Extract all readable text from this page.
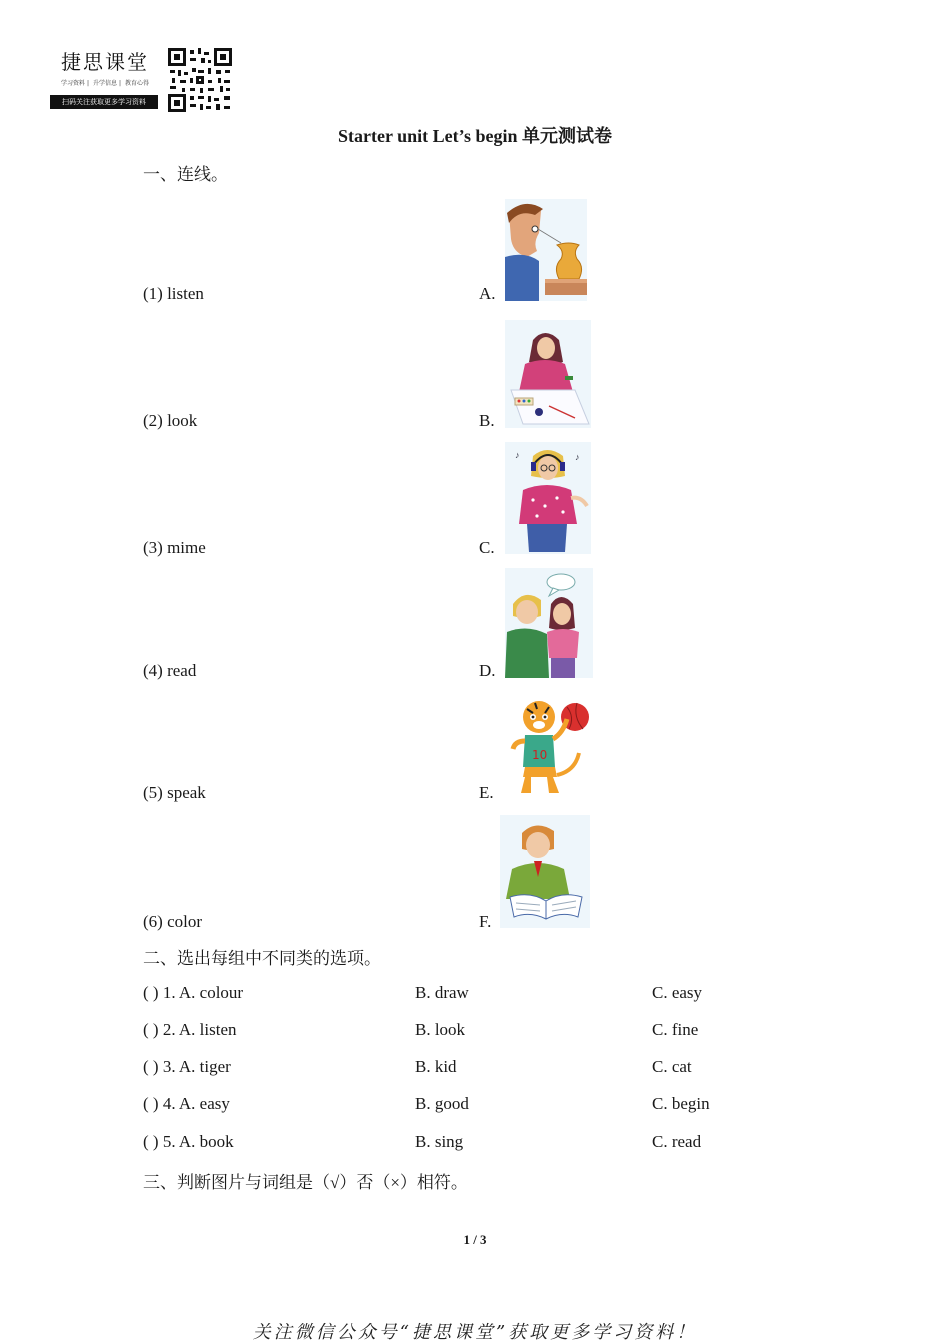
捷思课堂
学习资料 | 升学信息 | 教育心得
扫码关注获取更多学习资料
Starter unit Let’s begin 单元测试卷
一、连线。
(1) listen	A.
(2) look	B.
(3) mime	C.
♪	♪
(4) read	D.
(5) speak	E.
10
(6) color	F.
二、选出每组中不同类的选项。
( ) 1. A. colour	B. draw	C. easy
( ) 2. A. listen	B. look	C. fine
( ) 3. A. tiger	B. kid	C. cat
( ) 4. A. easy	B. good	C. begin
( ) 5. A. book	B. sing	C. read
三、判断图片与词组是（√）否（×）相符。
1 / 3
关注微信公众号“捷思课堂”获取更多学习资料！
